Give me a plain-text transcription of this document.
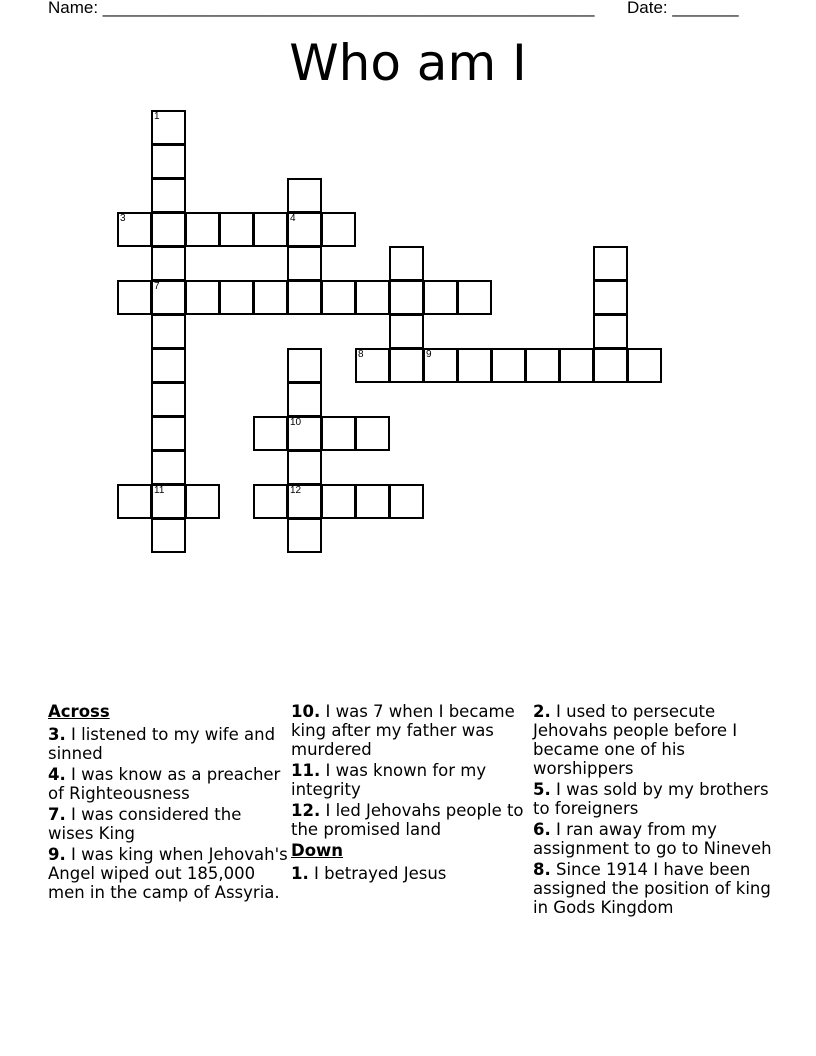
Name: ____________________________________________________ Date: _______
Who am I
1
7
11
3	4
10
12
8	9
Across
3. I listened to my wife and sinned
4. I was know as a preacher of Righteousness
7. I was considered the wises King
9. I was king when Jehovah's Angel wiped out 185,000 men in the camp of Assyria.
10. I was 7 when I became king after my father was murdered
11. I was known for my integrity
12. I led Jehovahs people to the promised land
Down
1. I betrayed Jesus
2. I used to persecute Jehovahs people before I became one of his worshippers
5. I was sold by my brothers to foreigners
6. I ran away from my assignment to go to Nineveh
8. Since 1914 I have been assigned the position of king in Gods Kingdom
